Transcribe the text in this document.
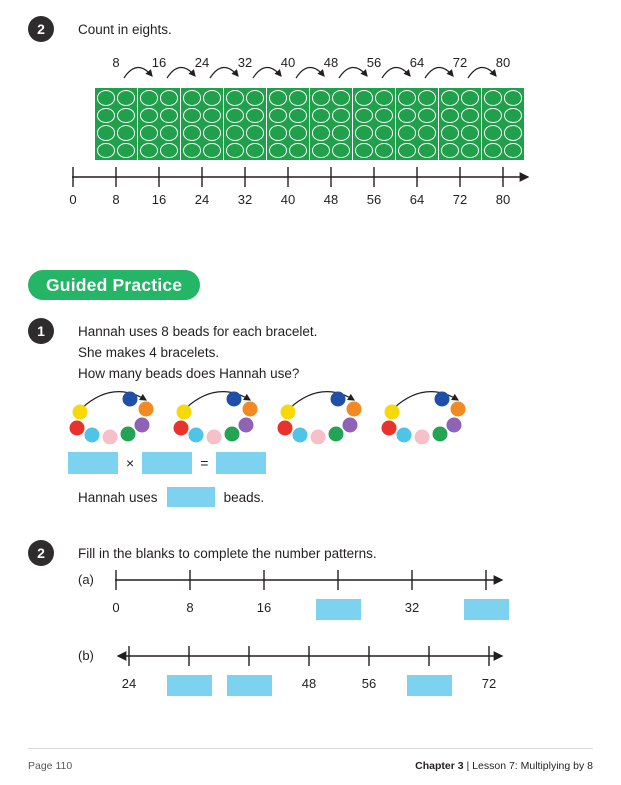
2	Count in eights.
8	16	24	32	40	48	56	64	72	80
0	8	16	24	32	40	48	56	64	72	80
Guided Practice
1	Hannah uses 8 beads for each bracelet.
She makes 4 bracelets.
How many beads does Hannah use?
×	=
Hannah uses	beads.
2	Fill in the blanks to complete the number patterns.
(a)
0	8	16	32
(b)
24	48	56	72
Page 110	Chapter 3 | Lesson 7: Multiplying by 8
